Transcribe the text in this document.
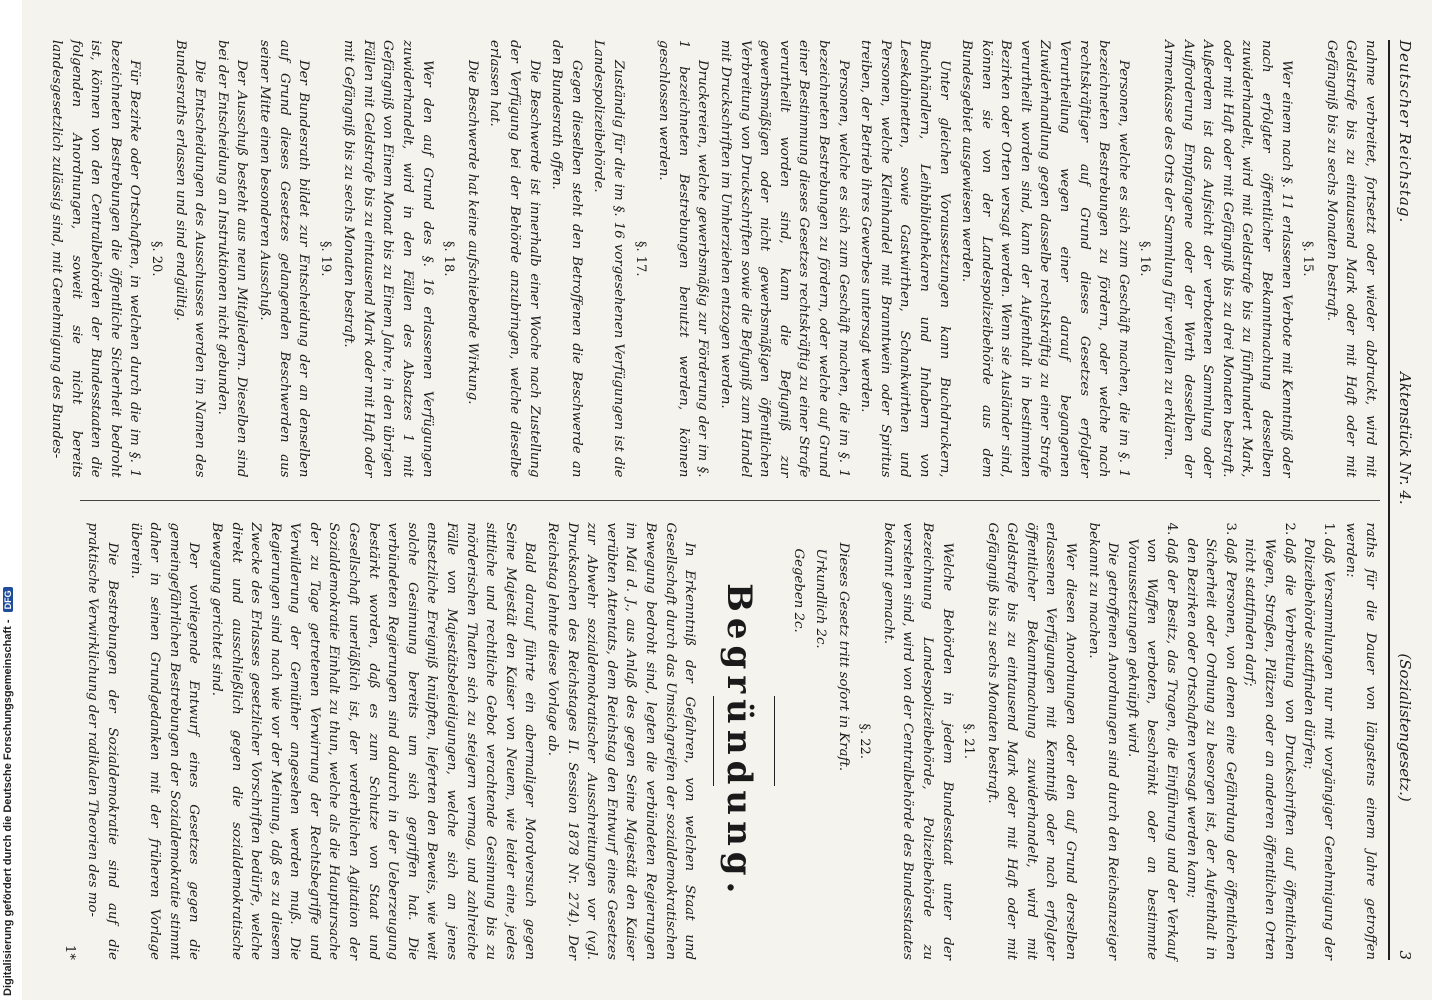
Digitalisierung gefördert durch die Deutsche Forschungsgemeinschaft - DFG
Deutscher Reichstag.
Aktenstück Nr. 4.
(Sozialistengesetz.)
3

nahme verbreitet, fortsetzt oder wieder abdruckt, wird mit Geldstrafe bis zu eintausend Mark oder mit Haft oder mit Gefängniß bis zu sechs Monaten bestraft.

§. 15.

Wer einem nach §. 11 erlassenen Verbote mit Kenntniß oder nach erfolgter öffentlicher Bekanntmachung desselben zuwiderhandelt, wird mit Geldstrafe bis zu fünfhundert Mark, oder mit Haft oder mit Gefängniß bis zu drei Monaten bestraft. Außerdem ist das Aufsicht der verbotenen Sammlung oder Aufforderung Empfangene oder der Werth desselben der Armenkasse des Orts der Sammlung für verfallen zu erklären.

§. 16.

Personen, welche es sich zum Geschäft machen, die im §. 1 bezeichneten Bestrebungen zu fördern, oder welche nach rechtskräftiger auf Grund dieses Gesetzes erfolgter Verurtheilung wegen einer darauf begangenen Zuwiderhandlung gegen dasselbe rechtskräftig zu einer Strafe verurtheilt worden sind, kann der Aufenthalt in bestimmten Bezirken oder Orten versagt werden. Wenn sie Ausländer sind, können sie von der Landespolizeibehörde aus dem Bundesgebiet ausgewiesen werden.

Unter gleichen Voraussetzungen kann Buchdruckern, Buchhändlern, Leihbibliothekaren und Inhabern von Lesekabinetten, sowie Gastwirthen, Schankwirthen und Personen, welche Kleinhandel mit Branntwein oder Spiritus treiben, der Betrieb ihres Gewerbes untersagt werden.

Personen, welche es sich zum Geschäft machen, die im §. 1 bezeichneten Bestrebungen zu fördern, oder welche auf Grund einer Bestimmung dieses Gesetzes rechtskräftig zu einer Strafe verurtheilt worden sind, kann die Befugniß zur gewerbsmäßigen oder nicht gewerbsmäßigen öffentlichen Verbreitung von Druckschriften sowie die Befugniß zum Handel mit Druckschriften im Umherziehen entzogen werden.

Druckereien, welche gewerbsmäßig zur Förderung der im §. 1 bezeichneten Bestrebungen benutzt werden, können geschlossen werden.

§. 17.

Zuständig für die im §. 16 vorgesehenen Verfügungen ist die Landespolizeibehörde.

Gegen dieselben steht den Betroffenen die Beschwerde an den Bundesrath offen.

Die Beschwerde ist innerhalb einer Woche nach Zustellung der Verfügung bei der Behörde anzubringen, welche dieselbe erlassen hat.

Die Beschwerde hat keine aufschiebende Wirkung.

§. 18.

Wer den auf Grund des §. 16 erlassenen Verfügungen zuwiderhandelt, wird in den Fällen des Absatzes 1 mit Gefängniß von Einem Monat bis zu Einem Jahre, in den übrigen Fällen mit Geldstrafe bis zu eintausend Mark oder mit Haft oder mit Gefängniß bis zu sechs Monaten bestraft.

§. 19.

Der Bundesrath bildet zur Entscheidung der an denselben auf Grund dieses Gesetzes gelangenden Beschwerden aus seiner Mitte einen besonderen Ausschuß.

Der Ausschuß besteht aus neun Mitgliedern. Dieselben sind bei der Entscheidung an Instruktionen nicht gebunden.

Die Entscheidungen des Ausschusses werden im Namen des Bundesraths erlassen und sind endgültig.

§. 20.

Für Bezirke oder Ortschaften, in welchen durch die im §. 1 bezeichneten Bestrebungen die öffentliche Sicherheit bedroht ist, können von den Centralbehörden der Bundesstaaten die folgenden Anordnungen, soweit sie nicht bereits landesgesetzlich zulässig sind, mit Genehmigung des Bundes-

raths für die Dauer von längstens einem Jahre getroffen werden:

1.
daß Versammlungen nur mit vorgängiger Genehmigung der Polizeibehörde stattfinden dürfen;
2.
daß die Verbreitung von Druckschriften auf öffentlichen Wegen, Straßen, Plätzen oder an anderen öffentlichen Orten nicht stattfinden darf;
3.
daß Personen, von denen eine Gefährdung der öffentlichen Sicherheit oder Ordnung zu besorgen ist, der Aufenthalt in den Bezirken oder Ortschaften versagt werden kann;
4.
daß der Besitz, das Tragen, die Einführung und der Verkauf von Waffen verboten, beschränkt oder an bestimmte Voraussetzungen geknüpft wird.

Die getroffenen Anordnungen sind durch den Reichsanzeiger bekannt zu machen.

Wer diesen Anordnungen oder den auf Grund derselben erlassenen Verfügungen mit Kenntniß oder nach erfolgter öffentlicher Bekanntmachung zuwiderhandelt, wird mit Geldstrafe bis zu eintausend Mark oder mit Haft oder mit Gefängniß bis zu sechs Monaten bestraft.

§. 21.

Welche Behörden in jedem Bundesstaat unter der Bezeichnung Landespolizeibehörde, Polizeibehörde zu verstehen sind, wird von der Centralbehörde des Bundesstaates bekannt gemacht.

§. 22.

Dieses Gesetz tritt sofort in Kraft.

Urkundlich 2c.

Gegeben 2c.

Begründung.

In Erkenntniß der Gefahren, von welchen Staat und Gesellschaft durch das Umsichgreifen der sozialdemokratischen Bewegung bedroht sind, legten die verbündeten Regierungen im Mai d. J., aus Anlaß des gegen Seine Majestät den Kaiser verübten Attentats, dem Reichstag den Entwurf eines Gesetzes zur Abwehr sozialdemokratischer Ausschreitungen vor (vgl. Drucksachen des Reichstages II. Session 1878 Nr. 274). Der Reichstag lehnte diese Vorlage ab.

Bald darauf führte ein abermaliger Mordversuch gegen Seine Majestät den Kaiser von Neuem, wie leider eine, jedes sittliche und rechtliche Gebot verachtende Gesinnung bis zu mörderischen Thaten sich zu steigern vermag, und zahlreiche Fälle von Majestätsbeleidigungen, welche sich an jenes entsetzliche Ereigniß knüpften, lieferten den Beweis, wie weit solche Gesinnung bereits um sich gegriffen hat. Die verbündeten Regierungen sind dadurch in der Ueberzeugung bestärkt worden, daß es zum Schutze von Staat und Gesellschaft unerläßlich ist, der verderblichen Agitation der Sozialdemokratie Einhalt zu thun, welche als die Hauptursache der zu Tage getretenen Verwirrung der Rechtsbegriffe und Verwilderung der Gemüther angesehen werden muß. Die Regierungen sind nach wie vor der Meinung, daß es zu diesem Zwecke des Erlasses gesetzlicher Vorschriften bedürfe, welche direkt und ausschließlich gegen die sozialdemokratische Bewegung gerichtet sind.

Der vorliegende Entwurf eines Gesetzes gegen die gemeingefährlichen Bestrebungen der Sozialdemokratie stimmt daher in seinen Grundgedanken mit der früheren Vorlage überein.

Die Bestrebungen der Sozialdemokratie sind auf die praktische Verwirklichung der radikalen Theorien des mo-

1*
